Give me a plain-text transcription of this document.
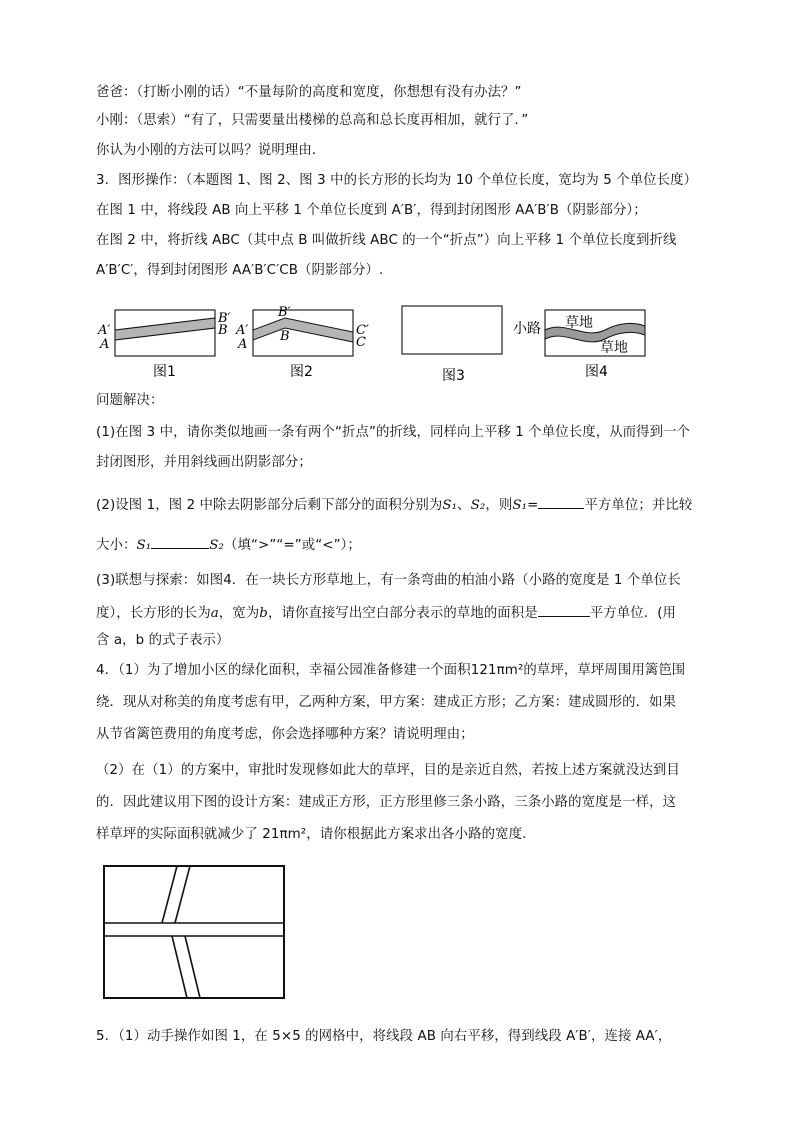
爸爸：（打断小刚的话）“不量每阶的高度和宽度，你想想有没有办法？”
小刚：（思索）“有了，只需要量出楼梯的总高和总长度再相加，就行了．”
你认为小刚的方法可以吗？说明理由．
3．图形操作：（本题图 1、图 2、图 3 中的长方形的长均为 10 个单位长度，宽均为 5 个单位长度）
在图 1 中，将线段 AB 向上平移 1 个单位长度到 A′B′，得到封闭图形 AA′B′B（阴影部分）；
在图 2 中，将折线 ABC（其中点 B 叫做折线 ABC 的一个“折点”）向上平移 1 个单位长度到折线
A′B′C′，得到封闭图形 AA′B′C′CB（阴影部分）.
A′
A
B′
B A′
A
B′
B	C′
C
小路 草地
草地
图1	图2	图3	图4
问题解决：
(1)在图 3 中，请你类似地画一条有两个“折点”的折线，同样向上平移 1 个单位长度，从而得到一个
封闭图形，并用斜线画出阴影部分；
(2)设图 1，图 2 中除去阴影部分后剩下部分的面积分别为S₁、S₂，则S₁=	平方单位；并比较
大小：S₁	S₂（填“>”“=”或“<”）；
(3)联想与探索：如图4．在一块长方形草地上，有一条弯曲的柏油小路（小路的宽度是 1 个单位长
度），长方形的长为a，宽为b，请你直接写出空白部分表示的草地的面积是	平方单位．(用
含 a，b 的式子表示）
4．（1）为了增加小区的绿化面积，幸福公园准备修建一个面积121πm²的草坪，草坪周围用篱笆围
绕．现从对称美的角度考虑有甲，乙两种方案，甲方案：建成正方形；乙方案：建成圆形的．如果
从节省篱笆费用的角度考虑，你会选择哪种方案？请说明理由；
（2）在（1）的方案中，审批时发现修如此大的草坪，目的是亲近自然，若按上述方案就没达到目
的．因此建议用下图的设计方案：建成正方形，正方形里修三条小路，三条小路的宽度是一样，这
样草坪的实际面积就减少了 21πm²，请你根据此方案求出各小路的宽度．
5．（1）动手操作如图 1，在 5×5 的网格中，将线段 AB 向右平移，得到线段 A′B′，连接 AA′，
